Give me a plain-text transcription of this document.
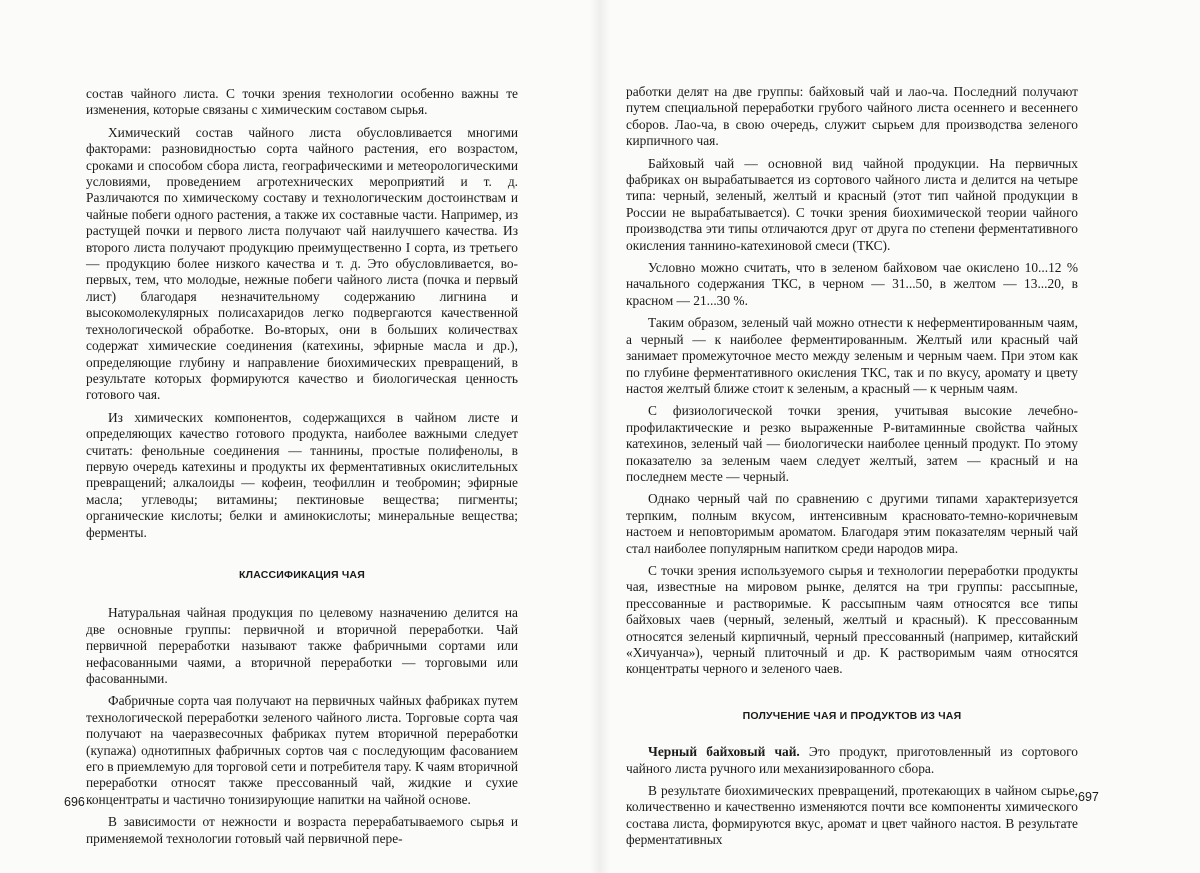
состав чайного листа. С точки зрения технологии особенно важны те изменения, которые связаны с химическим составом сырья.

Химический состав чайного листа обусловливается многими факторами: разновидностью сорта чайного растения, его возрастом, сроками и способом сбора листа, географическими и метеорологическими условиями, проведением агротехнических мероприятий и т. д. Различаются по химическому составу и технологическим достоинствам и чайные побеги одного растения, а также их составные части. Например, из растущей почки и первого листа получают чай наилучшего качества. Из второго листа получают продукцию преимущественно I сорта, из третьего — продукцию более низкого качества и т. д. Это обусловливается, во-первых, тем, что молодые, нежные побеги чайного листа (почка и первый лист) благодаря незначительному содержанию лигнина и высокомолекулярных полисахаридов легко подвергаются качественной технологической обработке. Во-вторых, они в больших количествах содержат химические соединения (катехины, эфирные масла и др.), определяющие глубину и направление биохимических превращений, в результате которых формируются качество и биологическая ценность готового чая.

Из химических компонентов, содержащихся в чайном листе и определяющих качество готового продукта, наиболее важными следует считать: фенольные соединения — таннины, простые полифенолы, в первую очередь катехины и продукты их ферментативных окислительных превращений; алкалоиды — кофеин, теофиллин и теобромин; эфирные масла; углеводы; витамины; пектиновые вещества; пигменты; органические кислоты; белки и аминокислоты; минеральные вещества; ферменты.

КЛАССИФИКАЦИЯ ЧАЯ

Натуральная чайная продукция по целевому назначению делится на две основные группы: первичной и вторичной переработки. Чай первичной переработки называют также фабричными сортами или нефасованными чаями, а вторичной переработки — торговыми или фасованными.

Фабричные сорта чая получают на первичных чайных фабриках путем технологической переработки зеленого чайного листа. Торговые сорта чая получают на чаеразвесочных фабриках путем вторичной переработки (купажа) однотипных фабричных сортов чая с последующим фасованием его в приемлемую для торговой сети и потребителя тару. К чаям вторичной переработки относят также прессованный чай, жидкие и сухие концентраты и частично тонизирующие напитки на чайной основе.

В зависимости от нежности и возраста перерабатываемого сырья и применяемой технологии готовый чай первичной пере-

696

работки делят на две группы: байховый чай и лао-ча. Последний получают путем специальной переработки грубого чайного листа осеннего и весеннего сборов. Лао-ча, в свою очередь, служит сырьем для производства зеленого кирпичного чая.

Байховый чай — основной вид чайной продукции. На первичных фабриках он вырабатывается из сортового чайного листа и делится на четыре типа: черный, зеленый, желтый и красный (этот тип чайной продукции в России не вырабатывается). С точки зрения биохимической теории чайного производства эти типы отличаются друг от друга по степени ферментативного окисления таннино-катехиновой смеси (ТКС).

Условно можно считать, что в зеленом байховом чае окислено 10...12 % начального содержания ТКС, в черном — 31...50, в желтом — 13...20, в красном — 21...30 %.

Таким образом, зеленый чай можно отнести к неферментированным чаям, а черный — к наиболее ферментированным. Желтый или красный чай занимает промежуточное место между зеленым и черным чаем. При этом как по глубине ферментативного окисления ТКС, так и по вкусу, аромату и цвету настоя желтый ближе стоит к зеленым, а красный — к черным чаям.

С физиологической точки зрения, учитывая высокие лечебно-профилактические и резко выраженные Р-витаминные свойства чайных катехинов, зеленый чай — биологически наиболее ценный продукт. По этому показателю за зеленым чаем следует желтый, затем — красный и на последнем месте — черный.

Однако черный чай по сравнению с другими типами характеризуется терпким, полным вкусом, интенсивным красновато-темно-коричневым настоем и неповторимым ароматом. Благодаря этим показателям черный чай стал наиболее популярным напитком среди народов мира.

С точки зрения используемого сырья и технологии переработки продукты чая, известные на мировом рынке, делятся на три группы: рассыпные, прессованные и растворимые. К рассыпным чаям относятся все типы байховых чаев (черный, зеленый, желтый и красный). К прессованным относятся зеленый кирпичный, черный прессованный (например, китайский «Хичуанча»), черный плиточный и др. К растворимым чаям относятся концентраты черного и зеленого чаев.

ПОЛУЧЕНИЕ ЧАЯ И ПРОДУКТОВ ИЗ ЧАЯ

Черный байховый чай. Это продукт, приготовленный из сортового чайного листа ручного или механизированного сбора.

В результате биохимических превращений, протекающих в чайном сырье, количественно и качественно изменяются почти все компоненты химического состава листа, формируются вкус, аромат и цвет чайного настоя. В результате ферментативных

697
